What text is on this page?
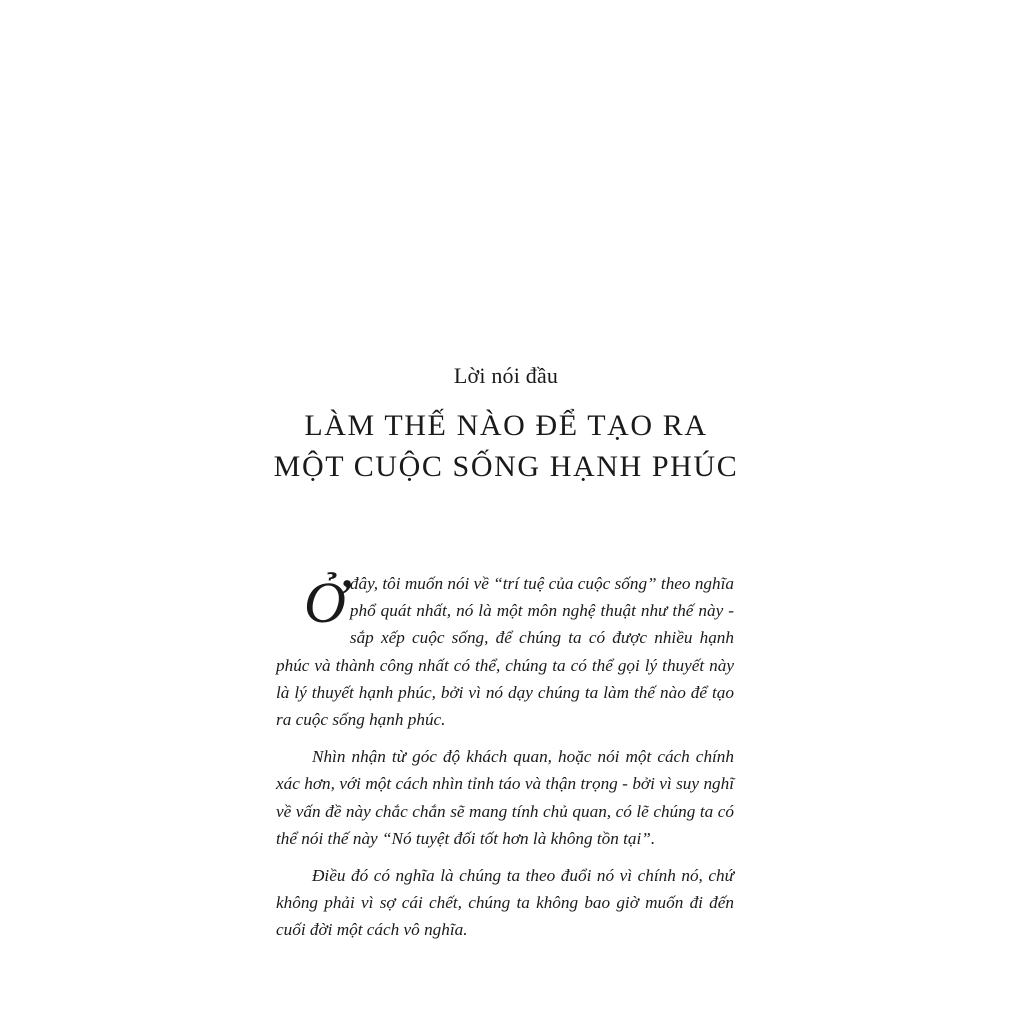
Lời nói đầu
LÀM THẾ NÀO ĐỂ TẠO RA
MỘT CUỘC SỐNG HẠNH PHÚC

Ởđây, tôi muốn nói về “trí tuệ của cuộc sống” theo nghĩa phổ quát nhất, nó là một môn nghệ thuật như thế này - sắp xếp cuộc sống, để chúng ta có được nhiều hạnh phúc và thành công nhất có thể, chúng ta có thể gọi lý thuyết này là lý thuyết hạnh phúc, bởi vì nó dạy chúng ta làm thế nào để tạo ra cuộc sống hạnh phúc.

Nhìn nhận từ góc độ khách quan, hoặc nói một cách chính xác hơn, với một cách nhìn tỉnh táo và thận trọng - bởi vì suy nghĩ về vấn đề này chắc chắn sẽ mang tính chủ quan, có lẽ chúng ta có thể nói thế này “Nó tuyệt đối tốt hơn là không tồn tại”.

Điều đó có nghĩa là chúng ta theo đuổi nó vì chính nó, chứ không phải vì sợ cái chết, chúng ta không bao giờ muốn đi đến cuối đời một cách vô nghĩa.
